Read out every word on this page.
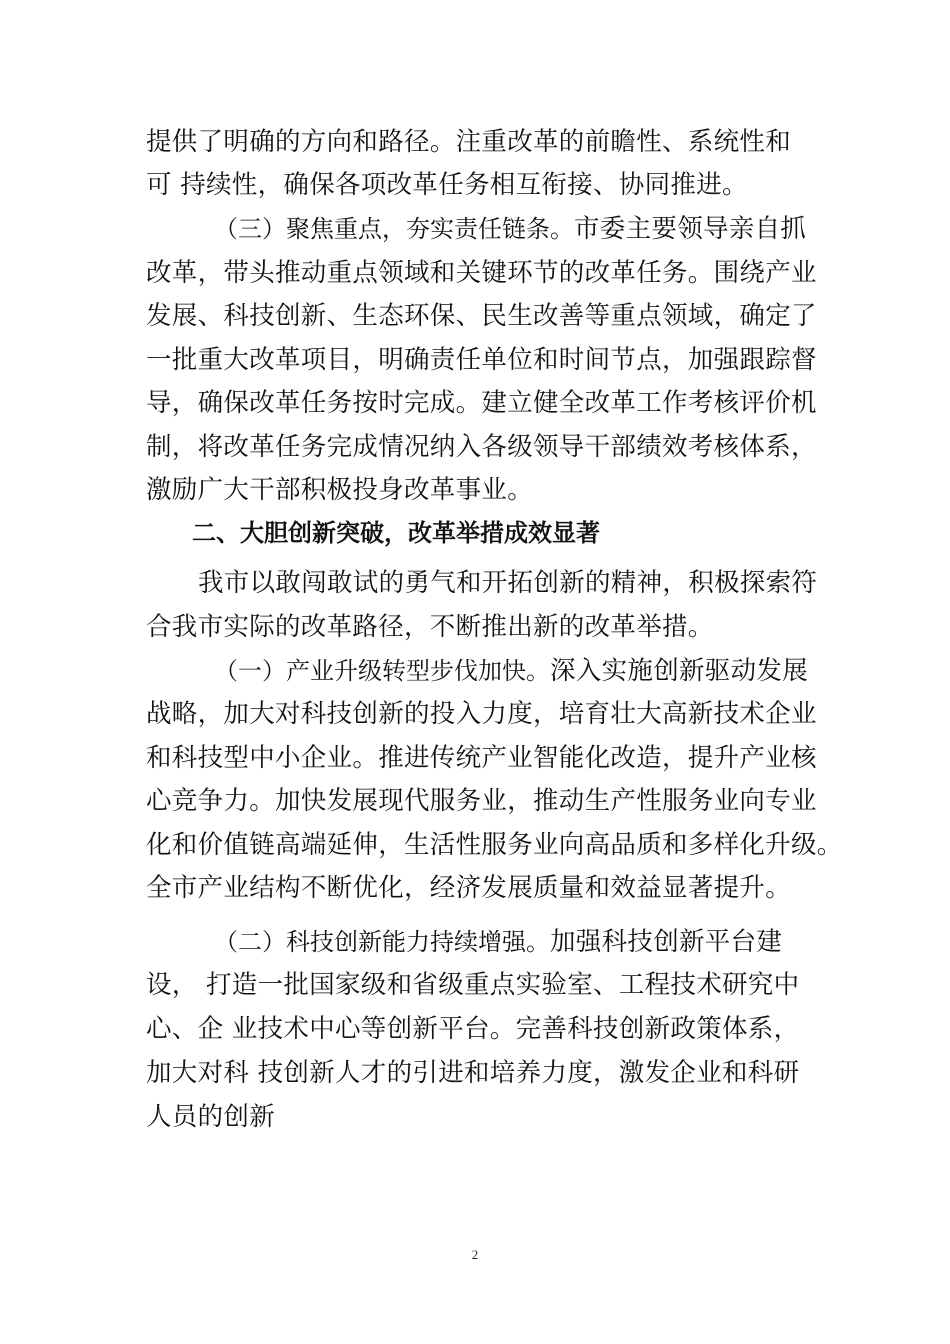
提供了明确的方向和路径。注重改革的前瞻性、系统性和
可 持续性，确保各项改革任务相互衔接、协同推进。
（三）聚焦重点，夯实责任链条。市委主要领导亲自抓
改革，带头推动重点领域和关键环节的改革任务。围绕产业
发展、科技创新、生态环保、民生改善等重点领域，确定了
一批重大改革项目，明确责任单位和时间节点，加强跟踪督
导，确保改革任务按时完成。建立健全改革工作考核评价机
制，将改革任务完成情况纳入各级领导干部绩效考核体系，
激励广大干部积极投身改革事业。
二、大胆创新突破，改革举措成效显著
我市以敢闯敢试的勇气和开拓创新的精神，积极探索符
合我市实际的改革路径，不断推出新的改革举措。
（一）产业升级转型步伐加快。深入实施创新驱动发展
战略，加大对科技创新的投入力度，培育壮大高新技术企业
和科技型中小企业。推进传统产业智能化改造，提升产业核
心竞争力。加快发展现代服务业，推动生产性服务业向专业
化和价值链高端延伸，生活性服务业向高品质和多样化升级。
全市产业结构不断优化，经济发展质量和效益显著提升。
（二）科技创新能力持续增强。加强科技创新平台建
设， 打造一批国家级和省级重点实验室、工程技术研究中
心、企 业技术中心等创新平台。完善科技创新政策体系，
加大对科 技创新人才的引进和培养力度，激发企业和科研
人员的创新
2
